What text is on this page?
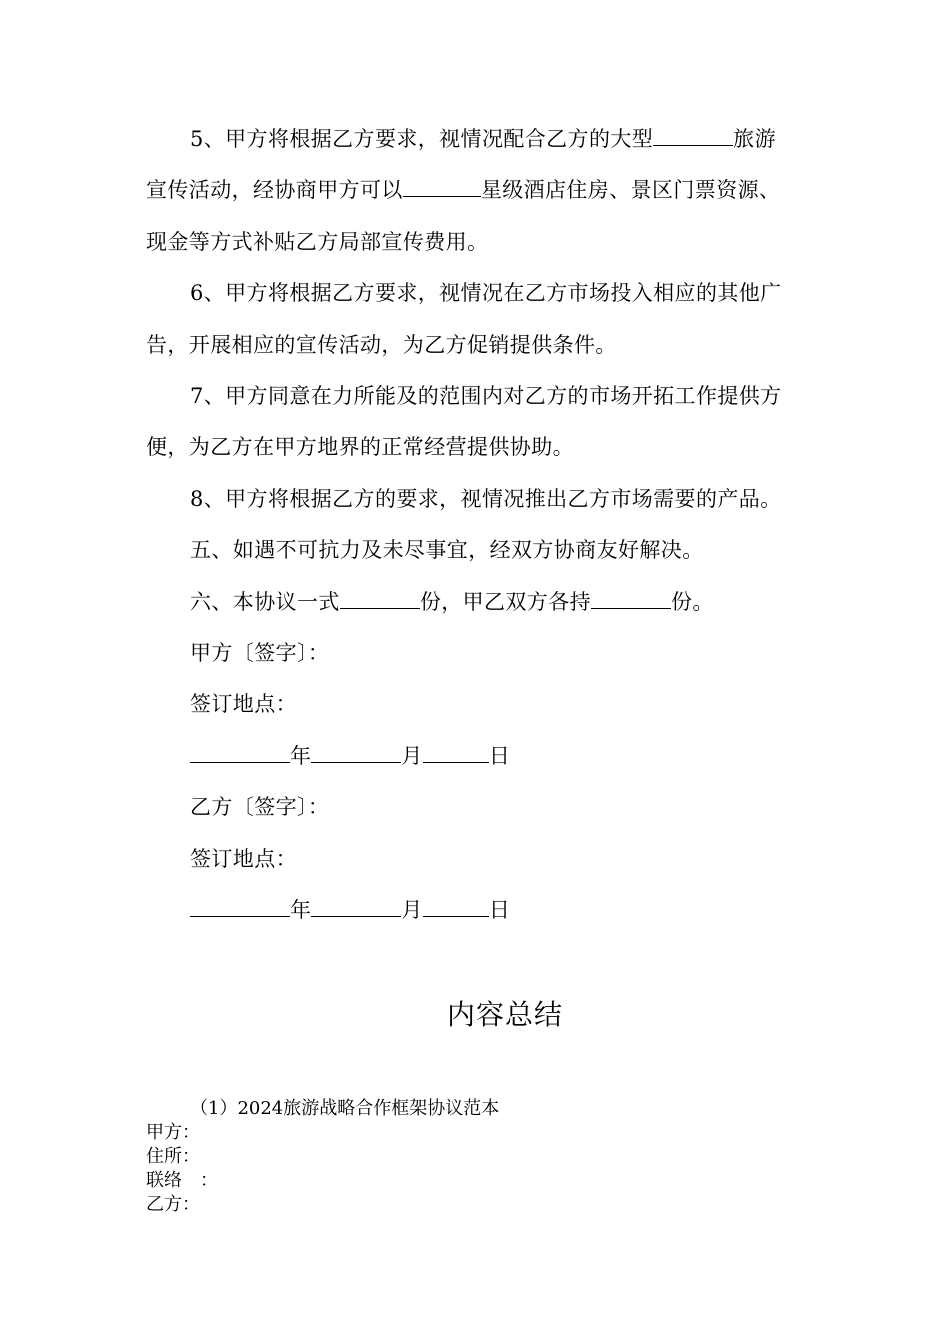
5、甲方将根据乙方要求，视情况配合乙方的大型	旅游
宣传活动，经协商甲方可以	星级酒店住房、景区门票资源、
现金等方式补贴乙方局部宣传费用。
6、甲方将根据乙方要求，视情况在乙方市场投入相应的其他广
告，开展相应的宣传活动，为乙方促销提供条件。
7、甲方同意在力所能及的范围内对乙方的市场开拓工作提供方
便，为乙方在甲方地界的正常经营提供协助。
8、甲方将根据乙方的要求，视情况推出乙方市场需要的产品。
五、如遇不可抗力及未尽事宜，经双方协商友好解决。
六、本协议一式	份，甲乙双方各持	份。
甲方〔签字〕：
签订地点：
年	月	日
乙方〔签字〕：
签订地点：
年	月	日
内容总结
（1）2024旅游战略合作框架协议范本
甲方：
住所：
联络　：
乙方：
